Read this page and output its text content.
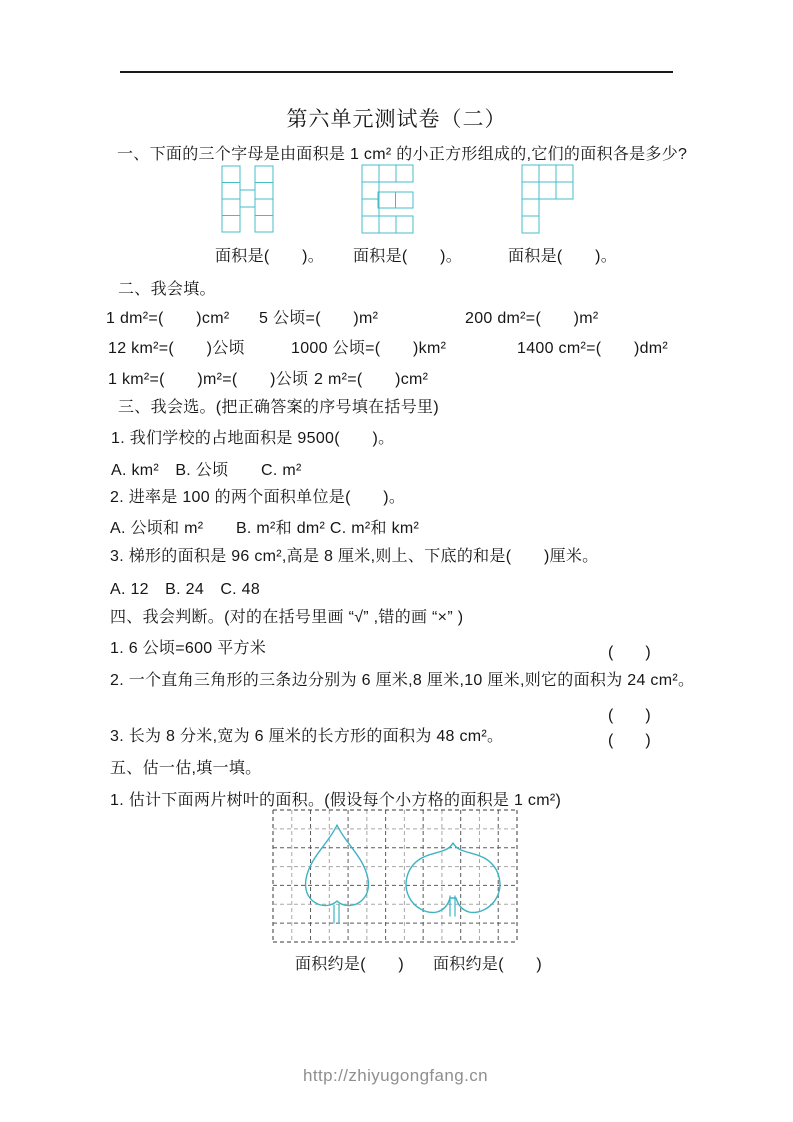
第六单元测试卷（二）
一、下面的三个字母是由面积是 1 cm² 的小正方形组成的,它们的面积各是多少?
面积是(　　)。 面积是(　　)。	面积是(　　)。
二、我会填。
1 dm²=(　　)cm² 5 公顷=(　　)m²	200 dm²=(　　)m²
12 km²=(　　)公顷	1000 公顷=(　　)km²	1400 cm²=(　　)dm²
1 km²=(　　)m²=(　　)公顷 2 m²=(　　)cm²
三、我会选。(把正确答案的序号填在括号里)
1. 我们学校的占地面积是 9500(　　)。
A. km²　B. 公顷　　C. m²
2. 进率是 100 的两个面积单位是(　　)。
A. 公顷和 m²　　B. m²和 dm² C. m²和 km²
3. 梯形的面积是 96 cm²,高是 8 厘米,则上、下底的和是(　　)厘米。
A. 12　B. 24　C. 48
四、我会判断。(对的在括号里画 “√” ,错的画 “×” )
1. 6 公顷=600 平方米	(　　)
2. 一个直角三角形的三条边分别为 6 厘米,8 厘米,10 厘米,则它的面积为 24 cm²。
(　　)
3. 长为 8 分米,宽为 6 厘米的长方形的面积为 48 cm²。	(　　)
五、估一估,填一填。
1. 估计下面两片树叶的面积。(假设每个小方格的面积是 1 cm²)
面积约是(　　) 面积约是(　　)
http://zhiyugongfang.cn
